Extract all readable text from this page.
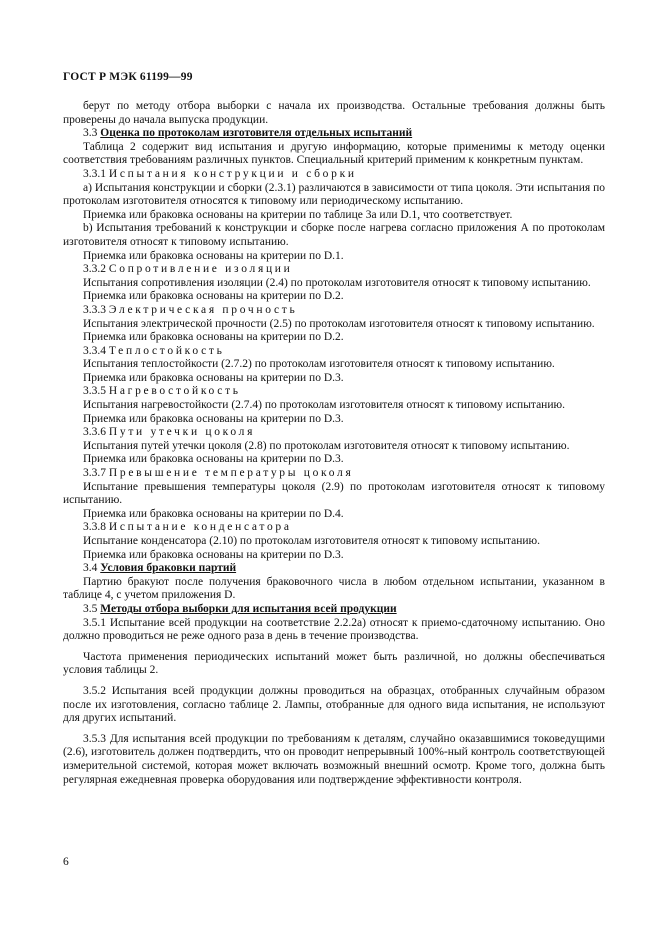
ГОСТ Р МЭК 61199—99

берут по методу отбора выборки с начала их производства. Остальные требования должны быть проверены до начала выпуска продукции.

3.3 Оценка по протоколам изготовителя отдельных испытаний

Таблица 2 содержит вид испытания и другую информацию, которые применимы к методу оценки соответствия требованиям различных пунктов. Специальный критерий применим к конкретным пунктам.

3.3.1 Испытания конструкции и сборки

a) Испытания конструкции и сборки (2.3.1) различаются в зависимости от типа цоколя. Эти испытания по протоколам изготовителя относятся к типовому или периодическому испытанию.

Приемка или браковка основаны на критерии по таблице 3а или D.1, что соответствует.

b) Испытания требований к конструкции и сборке после нагрева согласно приложения А по протоколам изготовителя относят к типовому испытанию.

Приемка или браковка основаны на критерии по D.1.

3.3.2 Сопротивление изоляции

Испытания сопротивления изоляции (2.4) по протоколам изготовителя относят к типовому испытанию.

Приемка или браковка основаны на критерии по D.2.

3.3.3 Электрическая прочность

Испытания электрической прочности (2.5) по протоколам изготовителя относят к типовому испытанию.

Приемка или браковка основаны на критерии по D.2.

3.3.4 Теплостойкость

Испытания теплостойкости (2.7.2) по протоколам изготовителя относят к типовому испытанию.

Приемка или браковка основаны на критерии по D.3.

3.3.5 Нагревостойкость

Испытания нагревостойкости (2.7.4) по протоколам изготовителя относят к типовому испытанию.

Приемка или браковка основаны на критерии по D.3.

3.3.6 Пути утечки цоколя

Испытания путей утечки цоколя (2.8) по протоколам изготовителя относят к типовому испытанию.

Приемка или браковка основаны на критерии по D.3.

3.3.7 Превышение температуры цоколя

Испытание превышения температуры цоколя (2.9) по протоколам изготовителя относят к типовому испытанию.

Приемка или браковка основаны на критерии по D.4.

3.3.8 Испытание конденсатора

Испытание конденсатора (2.10) по протоколам изготовителя относят к типовому испытанию.

Приемка или браковка основаны на критерии по D.3.

3.4 Условия браковки партий

Партию бракуют после получения браковочного числа в любом отдельном испытании, указанном в таблице 4, с учетом приложения D.

3.5 Методы отбора выборки для испытания всей продукции

3.5.1 Испытание всей продукции на соответствие 2.2.2а) относят к приемо-сдаточному испытанию. Оно должно проводиться не реже одного раза в день в течение производства.

Частота применения периодических испытаний может быть различной, но должны обеспечиваться условия таблицы 2.

3.5.2 Испытания всей продукции должны проводиться на образцах, отобранных случайным образом после их изготовления, согласно таблице 2. Лампы, отобранные для одного вида испытания, не используют для других испытаний.

3.5.3 Для испытания всей продукции по требованиям к деталям, случайно оказавшимися токоведущими (2.6), изготовитель должен подтвердить, что он проводит непрерывный 100%-ный контроль соответствующей измерительной системой, которая может включать возможный внешний осмотр. Кроме того, должна быть регулярная ежедневная проверка оборудования или подтверждение эффективности контроля.

6
